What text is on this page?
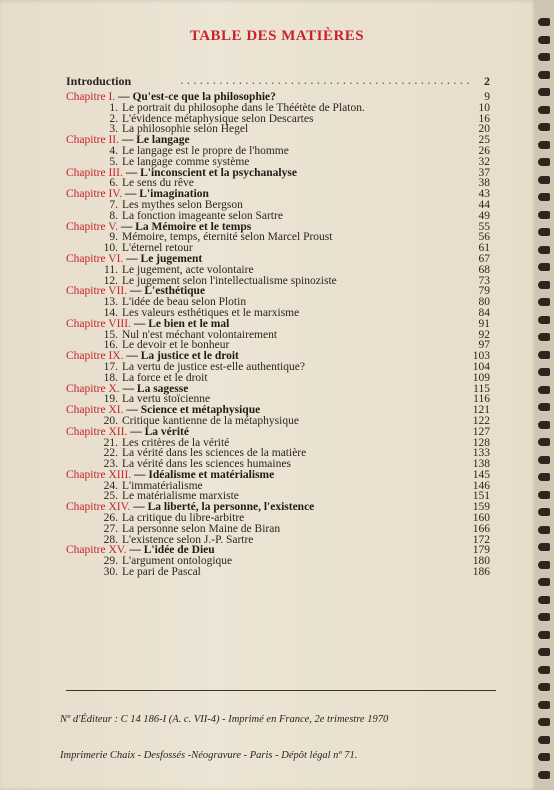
TABLE DES MATIÈRES
Introduction	. . . . . . . . . . . . . . . . . . . . . . . . . . . . . . . . . . . . . . . . . . . . .	2
Chapitre I. — Qu'est-ce que la philosophie?	9
1. Le portrait du philosophe dans le Théétète de Platon.	10
2. L'évidence métaphysique selon Descartes	16
3. La philosophie selon Hegel	20
Chapitre II. — Le langage	25
4. Le langage est le propre de l'homme	26
5. Le langage comme système	32
Chapitre III. — L'inconscient et la psychanalyse	37
6. Le sens du rêve	38
Chapitre IV. — L'imagination	43
7. Les mythes selon Bergson	44
8. La fonction imageante selon Sartre	49
Chapitre V. — La Mémoire et le temps	55
9. Mémoire, temps, éternité selon Marcel Proust	56
10. L'éternel retour	61
Chapitre VI. — Le jugement	67
11. Le jugement, acte volontaire	68
12. Le jugement selon l'intellectualisme spinoziste	73
Chapitre VII. — L'esthétique	79
13. L'idée de beau selon Plotin	80
14. Les valeurs esthétiques et le marxisme	84
Chapitre VIII. — Le bien et le mal	91
15. Nul n'est méchant volontairement	92
16. Le devoir et le bonheur	97
Chapitre IX. — La justice et le droit	103
17. La vertu de justice est-elle authentique?	104
18. La force et le droit	109
Chapitre X. — La sagesse	115
19. La vertu stoïcienne	116
Chapitre XI. — Science et métaphysique	121
20. Critique kantienne de la métaphysique	122
Chapitre XII. — La vérité	127
21. Les critères de la vérité	128
22. La vérité dans les sciences de la matière	133
23. La vérité dans les sciences humaines	138
Chapitre XIII. — Idéalisme et matérialisme	145
24. L'immatérialisme	146
25. Le matérialisme marxiste	151
Chapitre XIV. — La liberté, la personne, l'existence	159
26. La critique du libre-arbitre	160
27. La personne selon Maine de Biran	166
28. L'existence selon J.-P. Sartre	172
Chapitre XV. — L'idée de Dieu	179
29. L'argument ontologique	180
30. Le pari de Pascal	186
Nº d'Éditeur : C 14 186-I (A. c. VII-4) - Imprimé en France, 2e trimestre 1970
Imprimerie Chaix - Desfossés -Néogravure - Paris - Dépôt légal nº 71.
